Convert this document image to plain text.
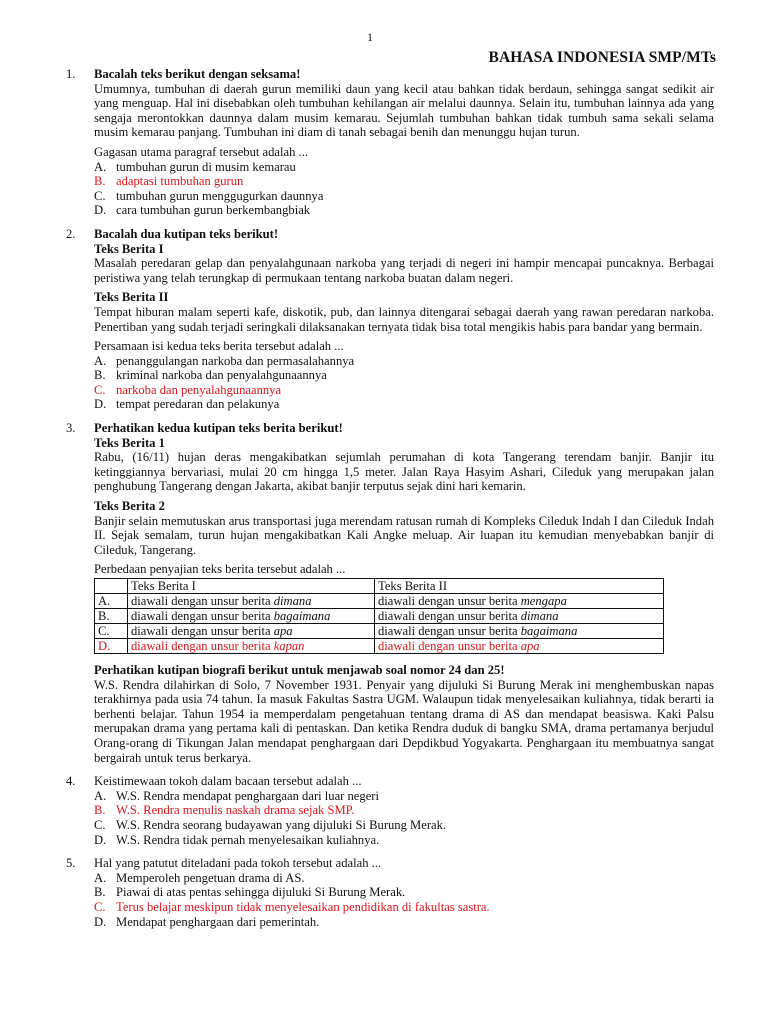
1
BAHASA INDONESIA SMP/MTs
1. Bacalah teks berikut dengan seksama!

Umumnya, tumbuhan di daerah gurun memiliki daun yang kecil atau bahkan tidak berdaun, sehingga sangat sedikit air yang menguap. Hal ini disebabkan oleh tumbuhan kehilangan air melalui daunnya. Selain itu, tumbuhan lainnya ada yang sengaja merontokkan daunnya dalam musim kemarau. Sejumlah tumbuhan bahkan tidak tumbuh sama sekali selama musim kemarau panjang. Tumbuhan ini diam di tanah sebagai benih dan menunggu hujan turun.

Gagasan utama paragraf tersebut adalah ...

A. tumbuhan gurun di musim kemarau
B. adaptasi tumbuhan gurun
C. tumbuhan gurun menggugurkan daunnya
D. cara tumbuhan gurun berkembangbiak
2. Bacalah dua kutipan teks berikut!

Teks Berita I

Masalah peredaran gelap dan penyalahgunaan narkoba yang terjadi di negeri ini hampir mencapai puncaknya. Berbagai peristiwa yang telah terungkap di permukaan tentang narkoba buatan dalam negeri.

Teks Berita II

Tempat hiburan malam seperti kafe, diskotik, pub, dan lainnya ditengarai sebagai daerah yang rawan peredaran narkoba. Penertiban yang sudah terjadi seringkali dilaksanakan ternyata tidak bisa total mengikis habis para bandar yang bermain.

Persamaan isi kedua teks berita tersebut adalah ...

A. penanggulangan narkoba dan permasalahannya
B. kriminal narkoba dan penyalahgunaannya
C. narkoba dan penyalahgunaannya
D. tempat peredaran dan pelakunya
3. Perhatikan kedua kutipan teks berita berikut!

Teks Berita 1

Rabu, (16/11) hujan deras mengakibatkan sejumlah perumahan di kota Tangerang terendam banjir. Banjir itu ketinggiannya bervariasi, mulai 20 cm hingga 1,5 meter. Jalan Raya Hasyim Ashari, Cileduk yang merupakan jalan penghubung Tangerang dengan Jakarta, akibat banjir terputus sejak dini hari kemarin.

Teks Berita 2

Banjir selain memutuskan arus transportasi juga merendam ratusan rumah di Kompleks Cileduk Indah I dan Cileduk Indah II. Sejak semalam, turun hujan mengakibatkan Kali Angke meluap. Air luapan itu kemudian menyebabkan banjir di Cileduk, Tangerang.

Perbedaan penyajian teks berita tersebut adalah ...

	Teks Berita I	Teks Berita II
A.	diawali dengan unsur berita dimana	diawali dengan unsur berita mengapa
B.	diawali dengan unsur berita bagaimana	diawali dengan unsur berita dimana
C.	diawali dengan unsur berita apa	diawali dengan unsur berita bagaimana
D.	diawali dengan unsur berita kapan	diawali dengan unsur berita apa

Perhatikan kutipan biografi berikut untuk menjawab soal nomor 24 dan 25!

W.S. Rendra dilahirkan di Solo, 7 November 1931. Penyair yang dijuluki Si Burung Merak ini menghembuskan napas terakhirnya pada usia 74 tahun. Ia masuk Fakultas Sastra UGM. Walaupun tidak menyelesaikan kuliahnya, tidak berarti ia berhenti belajar. Tahun 1954 ia memperdalam pengetahuan tentang drama di AS dan mendapat beasiswa. Kaki Palsu merupakan drama yang pertama kali di pentaskan. Dan ketika Rendra duduk di bangku SMA, drama pertamanya berjudul Orang-orang di Tikungan Jalan mendapat penghargaan dari Depdikbud Yogyakarta. Penghargaan itu membuatnya sangat bergairah untuk terus berkarya.

4. Keistimewaan tokoh dalam bacaan tersebut adalah ...

A. W.S. Rendra mendapat penghargaan dari luar negeri
B. W.S. Rendra menulis naskah drama sejak SMP.
C. W.S. Rendra seorang budayawan yang dijuluki Si Burung Merak.
D. W.S. Rendra tidak pernah menyelesaikan kuliahnya.
5. Hal yang patutut diteladani pada tokoh tersebut adalah ...

A. Memperoleh pengetuan drama di AS.
B. Piawai di atas pentas sehingga dijuluki Si Burung Merak.
C. Terus belajar meskipun tidak menyelesaikan pendidikan di fakultas sastra.
D. Mendapat penghargaan dari pemerintah.
